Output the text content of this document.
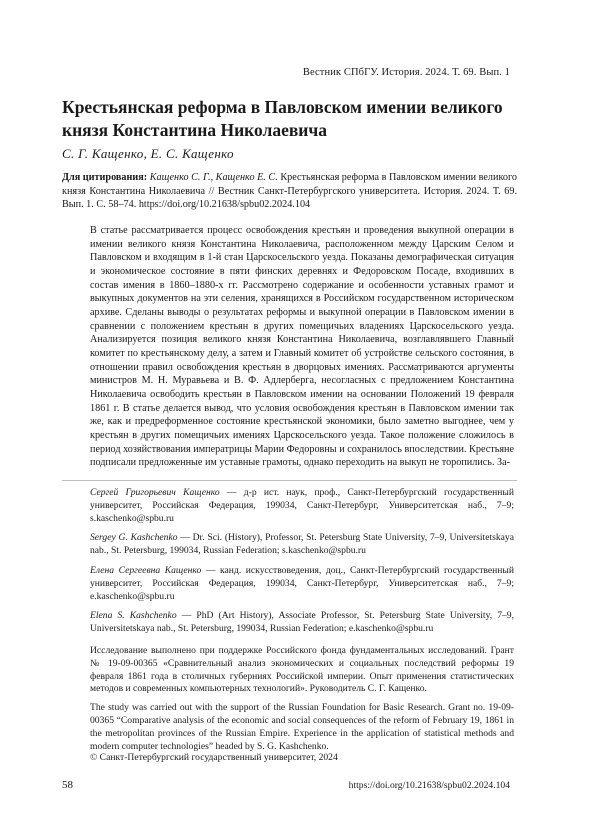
Вестник СПбГУ. История. 2024. Т. 69. Вып. 1
Крестьянская реформа в Павловском имении великого князя Константина Николаевича
С. Г. Кащенко, Е. С. Кащенко
Для цитирования: Кащенко С. Г., Кащенко Е. С. Крестьянская реформа в Павловском имении великого князя Константина Николаевича // Вестник Санкт-Петербургского университета. История. 2024. Т. 69. Вып. 1. С. 58–74. https://doi.org/10.21638/spbu02.2024.104

В статье рассматривается процесс освобождения крестьян и проведения выкупной операции в имении великого князя Константина Николаевича, расположенном между Царским Селом и Павловском и входящим в 1-й стан Царскосельского уезда. Показаны демографическая ситуация и экономическое состояние в пяти финских деревнях и Федоровском Посаде, входивших в состав имения в 1860–1880-х гг. Рассмотрено содержание и особенности уставных грамот и выкупных документов на эти селения, хранящихся в Российском государственном историческом архиве. Сделаны выводы о результатах реформы и выкупной операции в Павловском имении в сравнении с положением крестьян в других помещичьих владениях Царскосельского уезда. Анализируется позиция великого князя Константина Николаевича, возглавлявшего Главный комитет по крестьянскому делу, а затем и Главный комитет об устройстве сельского состояния, в отношении правил освобождения крестьян в дворцовых имениях. Рассматриваются аргументы министров М. Н. Муравьева и В. Ф. Адлерберга, несогласных с предложением Константина Николаевича освободить крестьян в Павловском имении на основании Положений 19 февраля 1861 г. В статье делается вывод, что условия освобождения крестьян в Павловском имении так же, как и предреформенное состояние крестьянской экономики, было заметно выгоднее, чем у крестьян в других помещичьих имениях Царскосельского уезда. Такое положение сложилось в период хозяйствования императрицы Марии Федоровны и сохранилось впоследствии. Крестьяне подписали предложенные им уставные грамоты, однако переходить на выкуп не торопились. За-

Сергей Григорьевич Кащенко — д-р ист. наук, проф., Санкт-Петербургский государственный университет, Российская Федерация, 199034, Санкт-Петербург, Университетская наб., 7–9; s.kaschenko@spbu.ru

Sergey G. Kashchenko — Dr. Sci. (History), Professor, St. Petersburg State University, 7–9, Universitetskaya nab., St. Petersburg, 199034, Russian Federation; s.kaschenko@spbu.ru

Елена Сергеевна Кащенко — канд. искусствоведения, доц., Санкт-Петербургский государственный университет, Российская Федерация, 199034, Санкт-Петербург, Университетская наб., 7–9; e.kaschenko@spbu.ru

Elena S. Kashchenko — PhD (Art History), Associate Professor, St. Petersburg State University, 7–9, Universitetskaya nab., St. Petersburg, 199034, Russian Federation; e.kaschenko@spbu.ru

Исследование выполнено при поддержке Российского фонда фундаментальных исследований. Грант № 19-09-00365 «Сравнительный анализ экономических и социальных последствий реформы 19 февраля 1861 года в столичных губерниях Российской империи. Опыт применения статистических методов и современных компьютерных технологий». Руководитель С. Г. Кащенко.

The study was carried out with the support of the Russian Foundation for Basic Research. Grant no. 19-09-00365 “Comparative analysis of the economic and social consequences of the reform of February 19, 1861 in the metropolitan provinces of the Russian Empire. Experience in the application of statistical methods and modern computer technologies” headed by S. G. Kashchenko.

© Санкт-Петербургский государственный университет, 2024
58	https://doi.org/10.21638/spbu02.2024.104
